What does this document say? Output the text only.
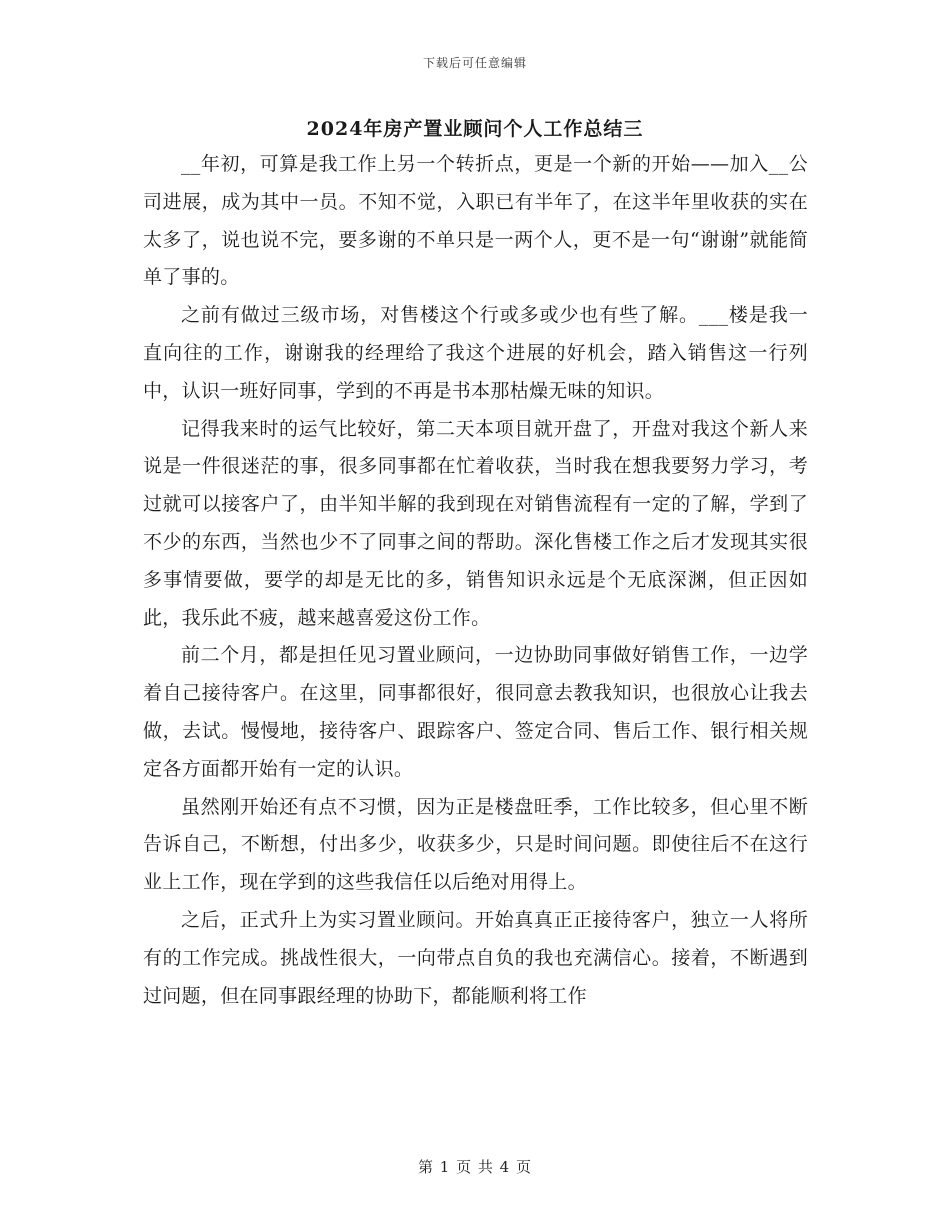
下载后可任意编辑
2024年房产置业顾问个人工作总结三

__年初，可算是我工作上另一个转折点，更是一个新的开始——加入__公司进展，成为其中一员。不知不觉，入职已有半年了，在这半年里收获的实在太多了，说也说不完，要多谢的不单只是一两个人，更不是一句“谢谢”就能简单了事的。

之前有做过三级市场，对售楼这个行或多或少也有些了解。___楼是我一直向往的工作，谢谢我的经理给了我这个进展的好机会，踏入销售这一行列中，认识一班好同事，学到的不再是书本那枯燥无味的知识。

记得我来时的运气比较好，第二天本项目就开盘了，开盘对我这个新人来说是一件很迷茫的事，很多同事都在忙着收获，当时我在想我要努力学习，考过就可以接客户了，由半知半解的我到现在对销售流程有一定的了解，学到了不少的东西，当然也少不了同事之间的帮助。深化售楼工作之后才发现其实很多事情要做，要学的却是无比的多，销售知识永远是个无底深渊，但正因如此，我乐此不疲，越来越喜爱这份工作。

前二个月，都是担任见习置业顾问，一边协助同事做好销售工作，一边学着自己接待客户。在这里，同事都很好，很同意去教我知识，也很放心让我去做，去试。慢慢地，接待客户、跟踪客户、签定合同、售后工作、银行相关规定各方面都开始有一定的认识。

虽然刚开始还有点不习惯，因为正是楼盘旺季，工作比较多，但心里不断告诉自己，不断想，付出多少，收获多少，只是时间问题。即使往后不在这行业上工作，现在学到的这些我信任以后绝对用得上。

之后，正式升上为实习置业顾问。开始真真正正接待客户，独立一人将所有的工作完成。挑战性很大，一向带点自负的我也充满信心。接着，不断遇到过问题，但在同事跟经理的协助下，都能顺利将工作

第 1 页 共 4 页
